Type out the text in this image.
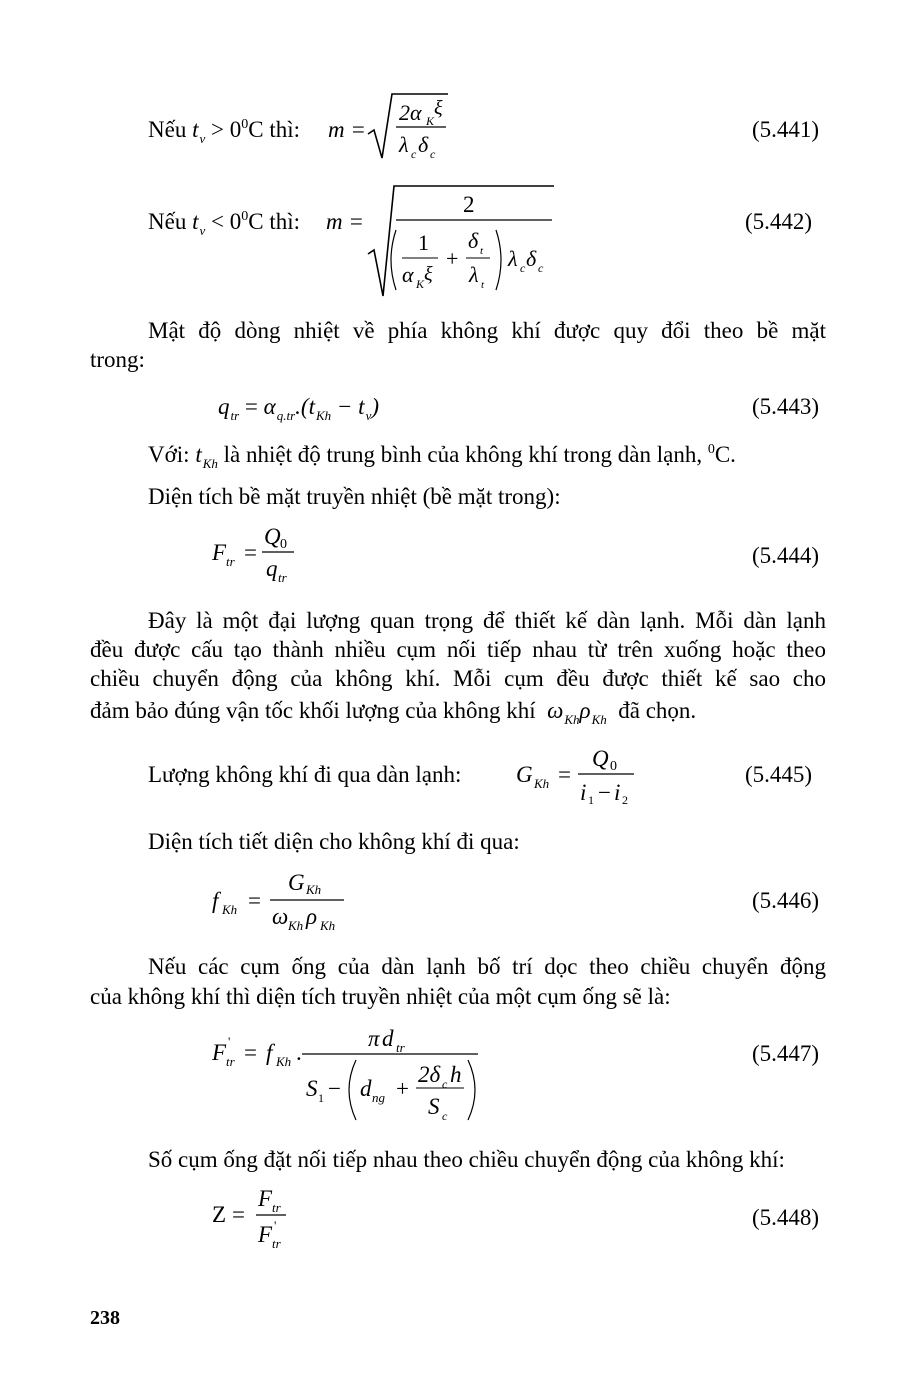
Nếu $t_v > 0^0C$ thì: m =
2α K
ξ
λ c δ c
(5.441)
Nếu $t_v < 0^0C$ thì: m =
2
1
α K ξ
+
δ t
λ t
λ c δ c
(5.442)
Mật độ dòng nhiệt về phía không khí được quy đổi theo bề mặt
trong:
$q_{tr} = \alpha_{q.tr}.(t_{Kh} - t_v)$	(5.443)
Với: $t_{Kh}$ là nhiệt độ trung bình của không khí trong dàn lạnh, $^0$C.
Diện tích bề mặt truyền nhiệt (bề mặt trong):
F tr =
Q 0
q tr
(5.444)
Đây là một đại lượng quan trọng để thiết kế dàn lạnh. Mỗi dàn lạnh
đều được cấu tạo thành nhiều cụm nối tiếp nhau từ trên xuống hoặc theo
chiều chuyển động của không khí. Mỗi cụm đều được thiết kế sao cho
đảm bảo đúng vận tốc khối lượng của không khí $\omega_{Kh}\rho_{Kh}$ đã chọn.
Lượng không khí đi qua dàn lạnh: G Kh =
Q 0
i 1 − i 2
(5.445)
Diện tích tiết diện cho không khí đi qua:
f Kh =
G Kh
ω Kh ρ Kh
(5.446)
Nếu các cụm ống của dàn lạnh bố trí dọc theo chiều chuyển động
của không khí thì diện tích truyền nhiệt của một cụm ống sẽ là:
F '
tr = f Kh .
π d tr
S 1 − d ng +
2δ c h
S c
(5.447)
Số cụm ống đặt nối tiếp nhau theo chiều chuyển động của không khí:
Z =
F tr
F '
tr
(5.448)
238
